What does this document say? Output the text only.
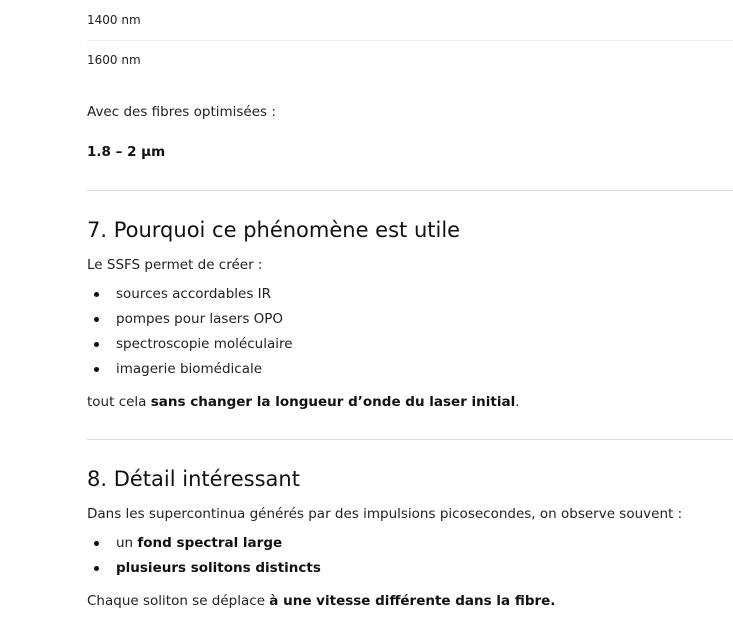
1400 nm
1600 nm
Avec des fibres optimisées :
1.8 – 2 µm
7. Pourquoi ce phénomène est utile
Le SSFS permet de créer :
sources accordables IR
pompes pour lasers OPO
spectroscopie moléculaire
imagerie biomédicale
tout cela sans changer la longueur d’onde du laser initial.
8. Détail intéressant
Dans les supercontinua générés par des impulsions picosecondes, on observe souvent :
un fond spectral large
plusieurs solitons distincts
Chaque soliton se déplace à une vitesse différente dans la fibre.
